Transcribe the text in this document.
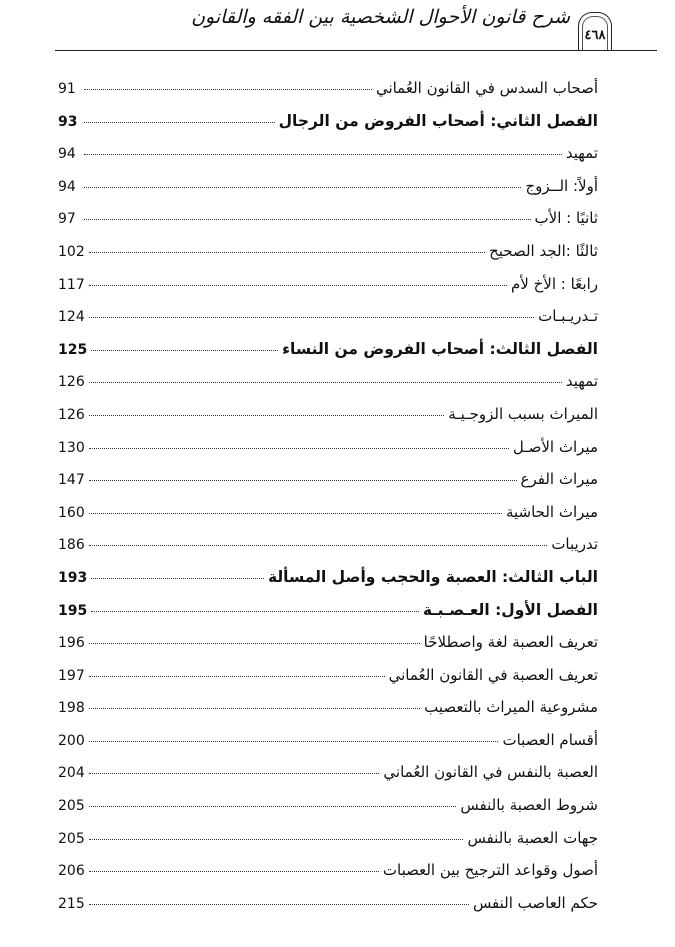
شرح قانون الأحوال الشخصية بين الفقه والقانون
٤٦٨
91	أصحاب السدس في القانون العُماني
93	الفصل الثاني: أصحاب الفروض من الرجال
94	تمهيد
94	أولاً: الــزوج
97	ثانيًا : الأب
102	ثالثًا :الجد الصحيح
117	رابعًا : الأخ لأم
124	تـدريـبـات
125	الفصل الثالث: أصحاب الفروض من النساء
126	تمهيد
126	الميراث بسبب الزوجـيـة
130	ميراث الأصـل
147	ميراث الفرع
160	ميراث الحاشية
186	تدريبات
193	الباب الثالث: العصبة والحجب وأصل المسألة
195	الفصل الأول: العـصـبـة
196	تعريف العصبة لغة واصطلاحًا
197	تعريف العصبة في القانون العُماني
198	مشروعية الميراث بالتعصيب
200	أقسام العصبات
204	العصبة بالنفس في القانون العُماني
205	شروط العصبة بالنفس
205	جهات العصبة بالنفس
206	أصول وقواعد الترجيح بين العصبات
215	حكم العاصب النفس
